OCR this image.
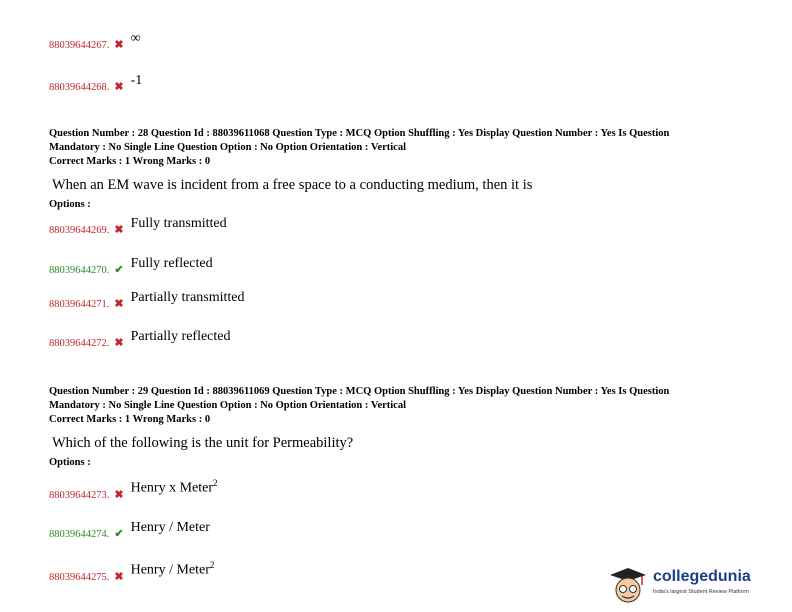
88039644267. ✖ ∞
88039644268. ✖ -1
Question Number : 28 Question Id : 88039611068 Question Type : MCQ Option Shuffling : Yes Display Question Number : Yes Is Question
Mandatory : No Single Line Question Option : No Option Orientation : Vertical
Correct Marks : 1 Wrong Marks : 0
When an EM wave is incident from a free space to a conducting medium, then it is
Options :
88039644269. ✖ Fully transmitted
88039644270. ✔ Fully reflected
88039644271. ✖ Partially transmitted
88039644272. ✖ Partially reflected
Question Number : 29 Question Id : 88039611069 Question Type : MCQ Option Shuffling : Yes Display Question Number : Yes Is Question
Mandatory : No Single Line Question Option : No Option Orientation : Vertical
Correct Marks : 1 Wrong Marks : 0
Which of the following is the unit for Permeability?
Options :
88039644273. ✖ Henry x Meter$^2$
88039644274. ✔ Henry / Meter
88039644275. ✖ Henry / Meter$^2$
collegedunia
India's largest Student Review Platform
